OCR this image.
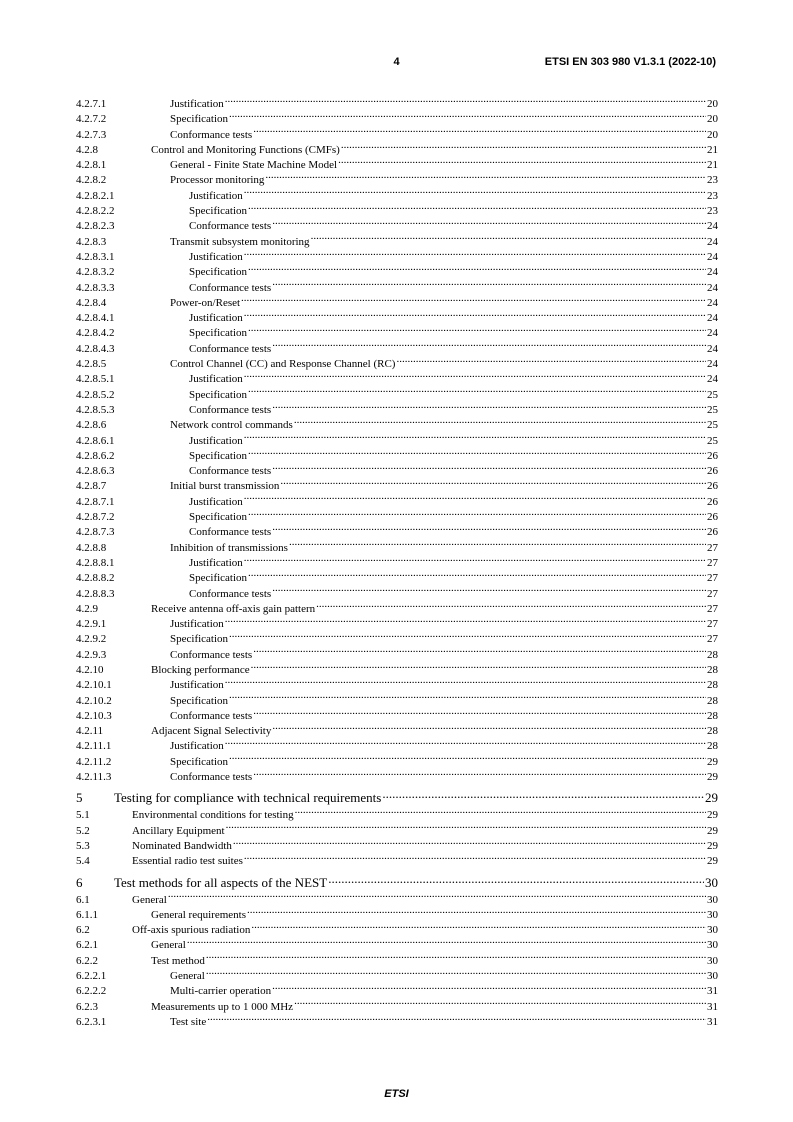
4	ETSI EN 303 980 V1.3.1 (2022-10)
4.2.7.1	Justification .....	20
4.2.7.2	Specification .....	20
4.2.7.3	Conformance tests .....	20
4.2.8	Control and Monitoring Functions (CMFs) .....	21
4.2.8.1	General - Finite State Machine Model .....	21
4.2.8.2	Processor monitoring .....	23
4.2.8.2.1	Justification .....	23
4.2.8.2.2	Specification .....	23
4.2.8.2.3	Conformance tests .....	24
4.2.8.3	Transmit subsystem monitoring .....	24
4.2.8.3.1	Justification .....	24
4.2.8.3.2	Specification .....	24
4.2.8.3.3	Conformance tests .....	24
4.2.8.4	Power-on/Reset .....	24
4.2.8.4.1	Justification .....	24
4.2.8.4.2	Specification .....	24
4.2.8.4.3	Conformance tests .....	24
4.2.8.5	Control Channel (CC) and Response Channel (RC) .....	24
4.2.8.5.1	Justification .....	24
4.2.8.5.2	Specification .....	25
4.2.8.5.3	Conformance tests .....	25
4.2.8.6	Network control commands .....	25
4.2.8.6.1	Justification .....	25
4.2.8.6.2	Specification .....	26
4.2.8.6.3	Conformance tests .....	26
4.2.8.7	Initial burst transmission .....	26
4.2.8.7.1	Justification .....	26
4.2.8.7.2	Specification .....	26
4.2.8.7.3	Conformance tests .....	26
4.2.8.8	Inhibition of transmissions .....	27
4.2.8.8.1	Justification .....	27
4.2.8.8.2	Specification .....	27
4.2.8.8.3	Conformance tests .....	27
4.2.9	Receive antenna off-axis gain pattern .....	27
4.2.9.1	Justification .....	27
4.2.9.2	Specification .....	27
4.2.9.3	Conformance tests .....	28
4.2.10	Blocking performance .....	28
4.2.10.1	Justification .....	28
4.2.10.2	Specification .....	28
4.2.10.3	Conformance tests .....	28
4.2.11	Adjacent Signal Selectivity .....	28
4.2.11.1	Justification .....	28
4.2.11.2	Specification .....	29
4.2.11.3	Conformance tests .....	29
5 Testing for compliance with technical requirements .....	29
5.1	Environmental conditions for testing .....	29
5.2	Ancillary Equipment .....	29
5.3	Nominated Bandwidth .....	29
5.4	Essential radio test suites .....	29
6 Test methods for all aspects of the NEST .....	30
6.1	General .....	30
6.1.1	General requirements .....	30
6.2	Off-axis spurious radiation .....	30
6.2.1	General .....	30
6.2.2	Test method .....	30
6.2.2.1	General .....	30
6.2.2.2	Multi-carrier operation .....	31
6.2.3	Measurements up to 1 000 MHz .....	31
6.2.3.1	Test site .....	31
ETSI
